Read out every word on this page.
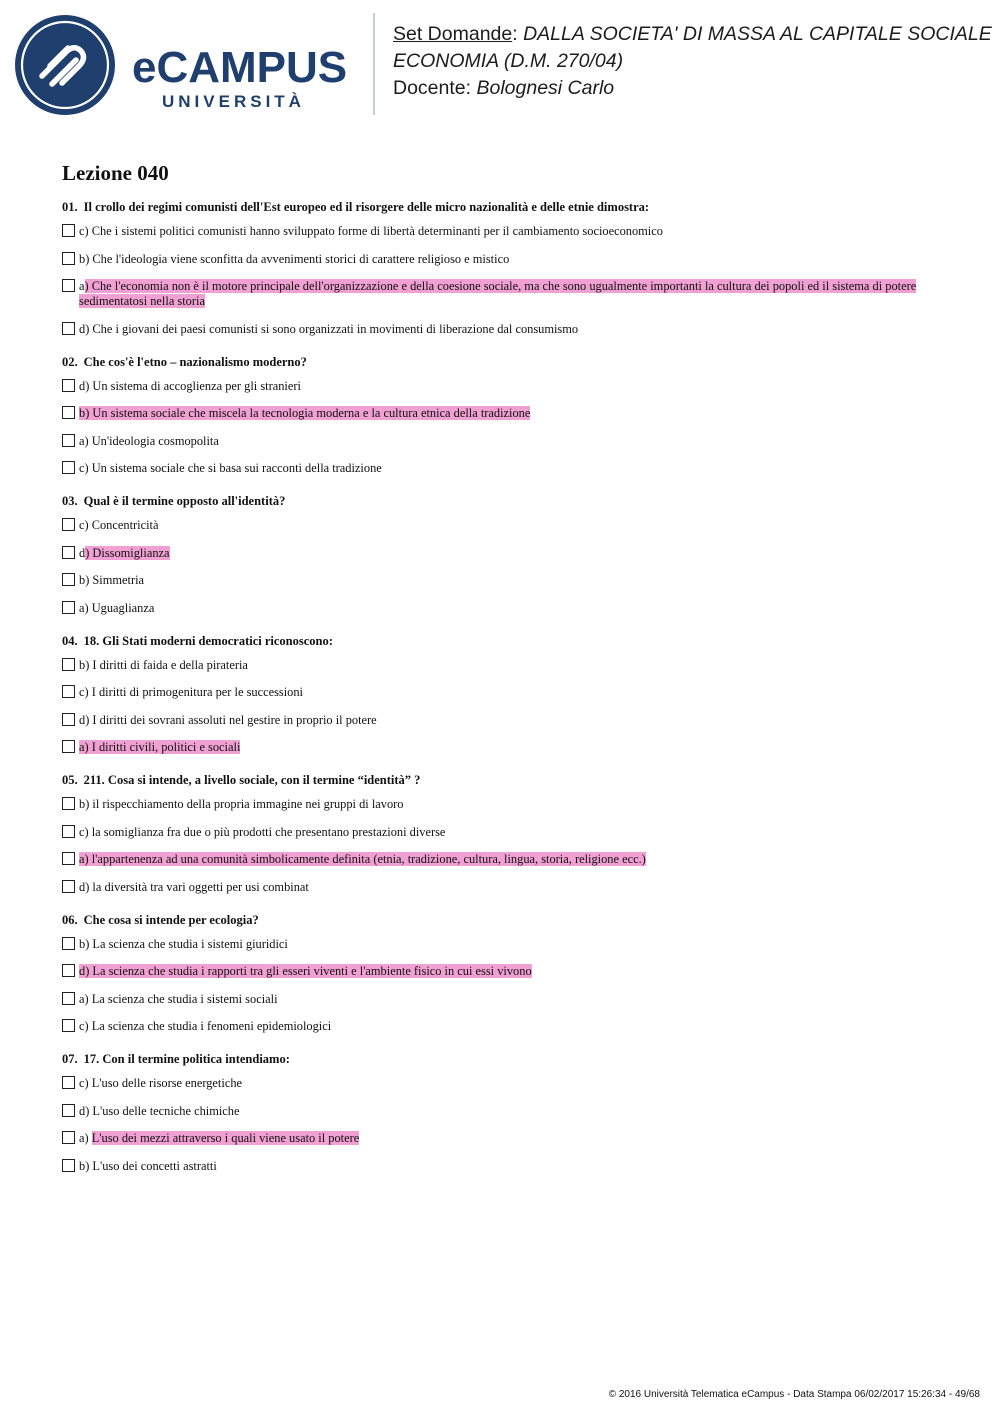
eCAMPUS
UNIVERSITÀ
Set Domande: DALLA SOCIETA' DI MASSA AL CAPITALE SOCIALE
ECONOMIA (D.M. 270/04)
Docente: Bolognesi Carlo
Lezione 040
01. Il crollo dei regimi comunisti dell'Est europeo ed il risorgere delle micro nazionalità e delle etnie dimostra:
c) Che i sistemi politici comunisti hanno sviluppato forme di libertà determinanti per il cambiamento socioeconomico
b) Che l'ideologia viene sconfitta da avvenimenti storici di carattere religioso e mistico
a) Che l'economia non è il motore principale dell'organizzazione e della coesione sociale, ma che sono ugualmente importanti la cultura dei popoli ed il sistema di potere sedimentatosi nella storia
d) Che i giovani dei paesi comunisti si sono organizzati in movimenti di liberazione dal consumismo
02. Che cos'è l'etno – nazionalismo moderno?
d) Un sistema di accoglienza per gli stranieri
b) Un sistema sociale che miscela la tecnologia moderna e la cultura etnica della tradizione
a) Un'ideologia cosmopolita
c) Un sistema sociale che si basa sui racconti della tradizione
03. Qual è il termine opposto all'identità?
c) Concentricità
d) Dissomiglianza
b) Simmetria
a) Uguaglianza
04. 18. Gli Stati moderni democratici riconoscono:
b) I diritti di faida e della pirateria
c) I diritti di primogenitura per le successioni
d) I diritti dei sovrani assoluti nel gestire in proprio il potere
a) I diritti civili, politici e sociali
05. 211. Cosa si intende, a livello sociale, con il termine “identità” ?
b) il rispecchiamento della propria immagine nei gruppi di lavoro
c) la somiglianza fra due o più prodotti che presentano prestazioni diverse
a) l'appartenenza ad una comunità simbolicamente definita (etnia, tradizione, cultura, lingua, storia, religione ecc.)
d) la diversità tra vari oggetti per usi combinat
06. Che cosa si intende per ecologia?
b) La scienza che studia i sistemi giuridici
d) La scienza che studia i rapporti tra gli esseri viventi e l'ambiente fisico in cui essi vivono
a) La scienza che studia i sistemi sociali
c) La scienza che studia i fenomeni epidemiologici
07. 17. Con il termine politica intendiamo:
c) L'uso delle risorse energetiche
d) L'uso delle tecniche chimiche
a) L'uso dei mezzi attraverso i quali viene usato il potere
b) L'uso dei concetti astratti
© 2016 Università Telematica eCampus - Data Stampa 06/02/2017 15:26:34 - 49/68
